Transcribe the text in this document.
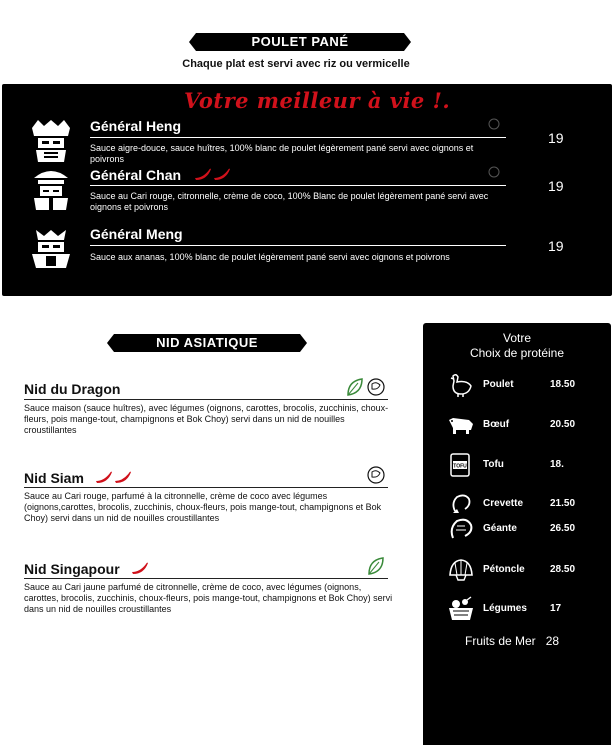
POULET PANÉ
Chaque plat est servi avec riz ou vermicelle
Votre meilleur à vie !.
Général Heng
Sauce aigre-douce, sauce huîtres, 100% blanc de poulet légèrement pané servi avec oignons et poivrons
19
Général Chan
Sauce au Cari rouge, citronnelle, crème de coco, 100% Blanc de poulet légèrement pané servi avec oignons et poivrons
19
Général Meng
Sauce aux ananas, 100% blanc de poulet légèrement pané servi avec oignons et poivrons
19
NID ASIATIQUE
Nid du Dragon
Sauce maison (sauce huîtres), avec légumes (oignons, carottes, brocolis, zucchinis, choux-fleurs, pois mange-tout, champignons et Bok Choy) servi dans un nid de nouilles croustillantes
Nid Siam
Sauce au Cari rouge, parfumé à la citronnelle, crème de coco avec légumes (oignons,carottes, brocolis, zucchinis, choux-fleurs, pois mange-tout, champignons et Bok Choy) servi dans un nid de nouilles croustillantes
Nid Singapour
Sauce au Cari jaune parfumé de citronnelle, crème de coco, avec légumes (oignons, carottes, brocolis, zucchinis, choux-fleurs, pois mange-tout, champignons et Bok Choy) servi dans un nid de nouilles croustillantes
Votre
Choix de protéine
Poulet	18.50
Bœuf	20.50
TOFU Tofu	18.
Crevette	21.50
Géante	26.50
Pétoncle	28.50
Légumes 17
Fruits de Mer 28
